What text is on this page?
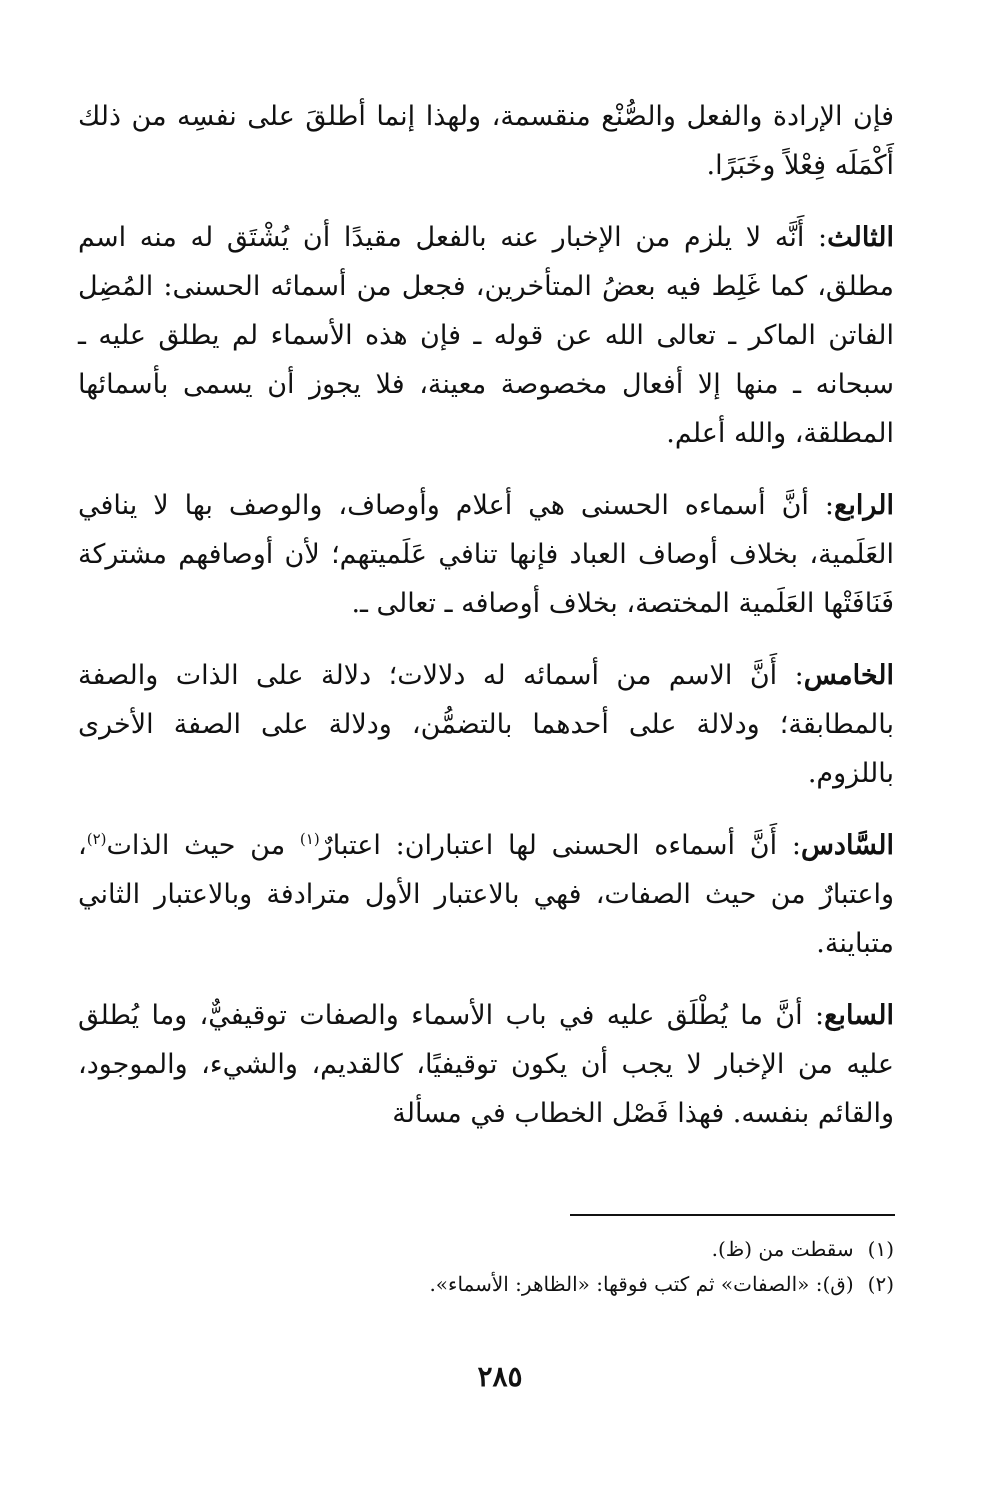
فإن الإرادة والفعل والصُّنْع منقسمة، ولهذا إنما أطلقَ على نفسِه من ذلك أَكْمَلَه فِعْلاً وخَبَرًا.

الثالث: أَنَّه لا يلزم من الإخبار عنه بالفعل مقيدًا أن يُشْتَق له منه اسم مطلق، كما غَلِط فيه بعضُ المتأخرين، فجعل من أسمائه الحسنى: المُضِل الفاتن الماكر ـ تعالى الله عن قوله ـ فإن هذه الأسماء لم يطلق عليه ـ سبحانه ـ منها إلا أفعال مخصوصة معينة، فلا يجوز أن يسمى بأسمائها المطلقة، والله أعلم.

الرابع: أنَّ أسماءه الحسنى هي أعلام وأوصاف، والوصف بها لا ينافي العَلَمية، بخلاف أوصاف العباد فإنها تنافي عَلَميتهم؛ لأن أوصافهم مشتركة فَنَافَتْها العَلَمية المختصة، بخلاف أوصافه ـ تعالى ـ.

الخامس: أَنَّ الاسم من أسمائه له دلالات؛ دلالة على الذات والصفة بالمطابقة؛ ودلالة على أحدهما بالتضمُّن، ودلالة على الصفة الأخرى باللزوم.

السَّادس: أَنَّ أسماءه الحسنى لها اعتباران: اعتبارٌ$^{(١)}$ من حيث الذات$^{(٢)}$، واعتبارٌ من حيث الصفات، فهي بالاعتبار الأول مترادفة وبالاعتبار الثاني متباينة.

السابع: أنَّ ما يُطْلَق عليه في باب الأسماء والصفات توقيفيٌّ، وما يُطلق عليه من الإخبار لا يجب أن يكون توقيفيًا، كالقديم، والشيء، والموجود، والقائم بنفسه. فهذا فَصْل الخطاب في مسألة

(١)
سقطت من (ظ).
(٢)
(ق): «الصفات» ثم كتب فوقها: «الظاهر: الأسماء».
٢٨٥
